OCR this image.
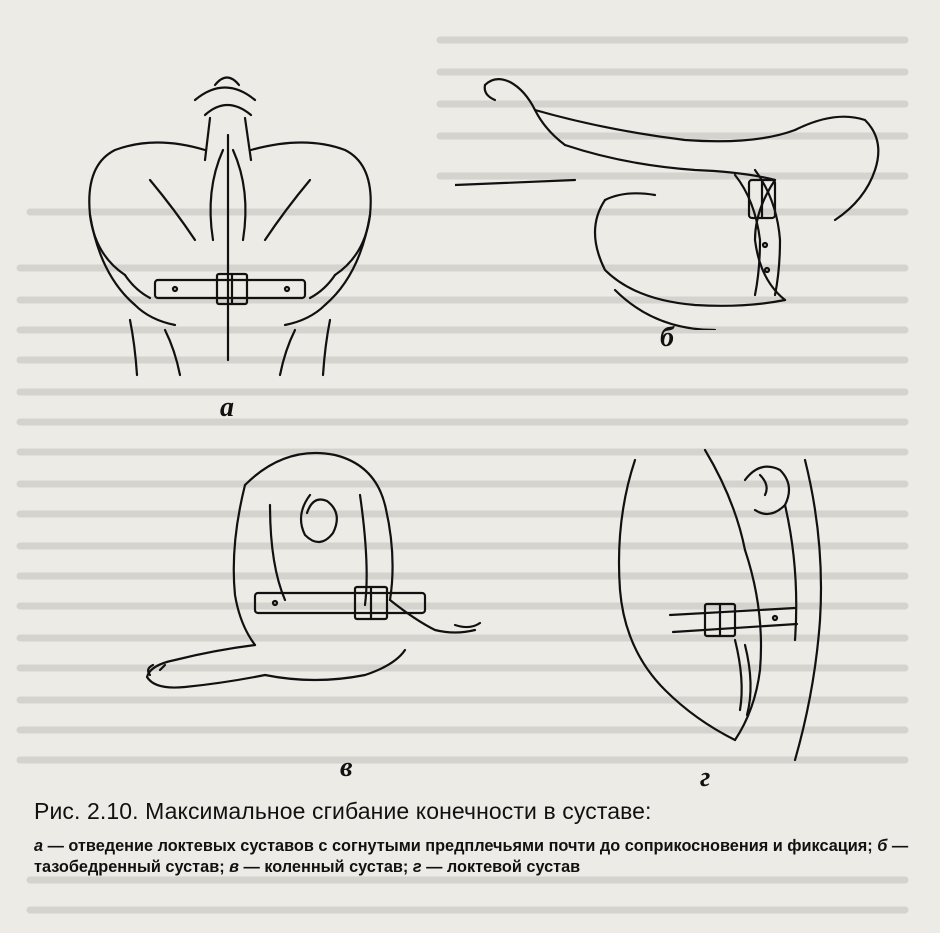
а
б
в	г
Рис. 2.10. Максимальное сгибание конечности в суставе:
а — отведение локтевых суставов с согнутыми предплечьями почти до соприкосновения и фиксация; б — тазобедренный сустав; в — коленный сустав; г — локтевой сустав
